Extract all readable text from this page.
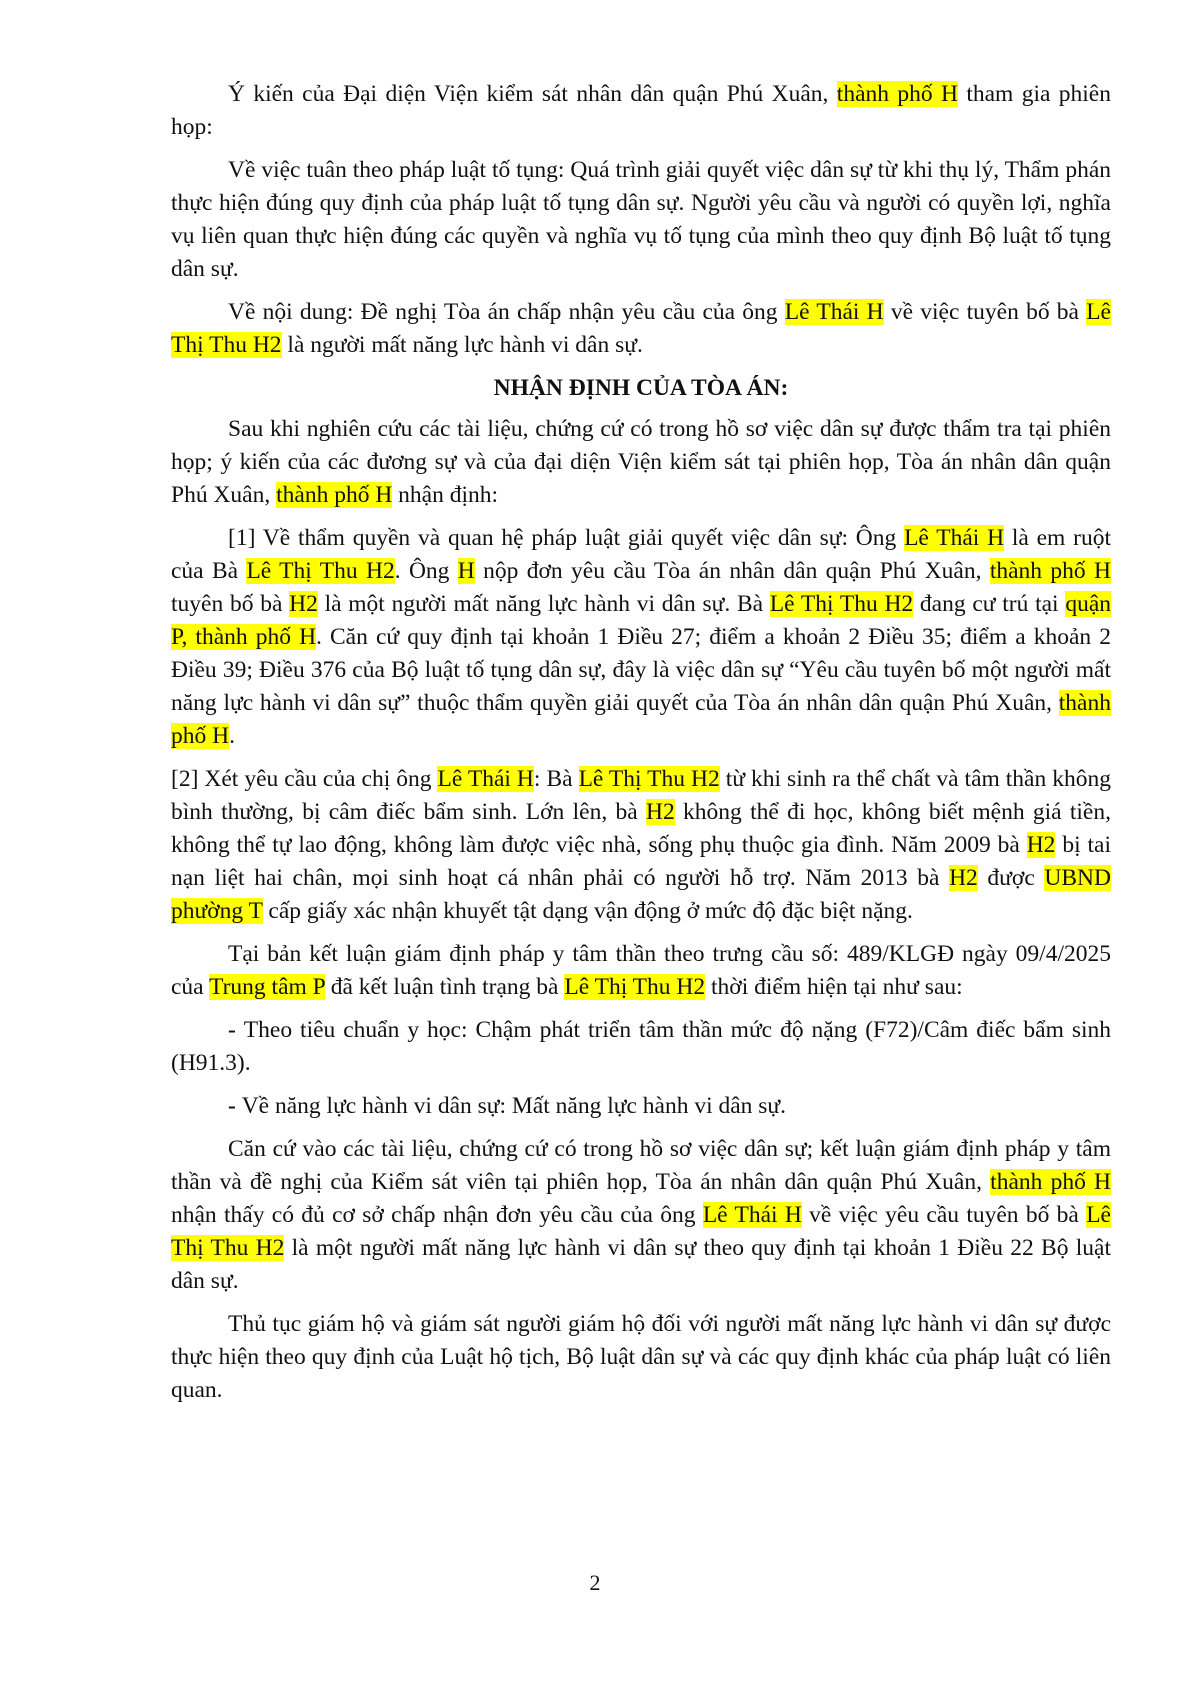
Ý kiến của Đại diện Viện kiểm sát nhân dân quận Phú Xuân, thành phố H tham gia phiên họp:

Về việc tuân theo pháp luật tố tụng: Quá trình giải quyết việc dân sự từ khi thụ lý, Thẩm phán thực hiện đúng quy định của pháp luật tố tụng dân sự. Người yêu cầu và người có quyền lợi, nghĩa vụ liên quan thực hiện đúng các quyền và nghĩa vụ tố tụng của mình theo quy định Bộ luật tố tụng dân sự.

Về nội dung: Đề nghị Tòa án chấp nhận yêu cầu của ông Lê Thái H về việc tuyên bố bà Lê Thị Thu H2 là người mất năng lực hành vi dân sự.

NHẬN ĐỊNH CỦA TÒA ÁN:

Sau khi nghiên cứu các tài liệu, chứng cứ có trong hồ sơ việc dân sự được thẩm tra tại phiên họp; ý kiến của các đương sự và của đại diện Viện kiểm sát tại phiên họp, Tòa án nhân dân quận Phú Xuân, thành phố H nhận định:

[1] Về thẩm quyền và quan hệ pháp luật giải quyết việc dân sự: Ông Lê Thái H là em ruột của Bà Lê Thị Thu H2. Ông H nộp đơn yêu cầu Tòa án nhân dân quận Phú Xuân, thành phố H tuyên bố bà H2 là một người mất năng lực hành vi dân sự. Bà Lê Thị Thu H2 đang cư trú tại quận P, thành phố H. Căn cứ quy định tại khoản 1 Điều 27; điểm a khoản 2 Điều 35; điểm a khoản 2 Điều 39; Điều 376 của Bộ luật tố tụng dân sự, đây là việc dân sự “Yêu cầu tuyên bố một người mất năng lực hành vi dân sự” thuộc thẩm quyền giải quyết của Tòa án nhân dân quận Phú Xuân, thành phố H.

[2] Xét yêu cầu của chị ông Lê Thái H: Bà Lê Thị Thu H2 từ khi sinh ra thể chất và tâm thần không bình thường, bị câm điếc bẩm sinh. Lớn lên, bà H2 không thể đi học, không biết mệnh giá tiền, không thể tự lao động, không làm được việc nhà, sống phụ thuộc gia đình. Năm 2009 bà H2 bị tai nạn liệt hai chân, mọi sinh hoạt cá nhân phải có người hỗ trợ. Năm 2013 bà H2 được UBND phường T cấp giấy xác nhận khuyết tật dạng vận động ở mức độ đặc biệt nặng.

Tại bản kết luận giám định pháp y tâm thần theo trưng cầu số: 489/KLGĐ ngày 09/4/2025 của Trung tâm P đã kết luận tình trạng bà Lê Thị Thu H2 thời điểm hiện tại như sau:

- Theo tiêu chuẩn y học: Chậm phát triển tâm thần mức độ nặng (F72)/Câm điếc bẩm sinh (H91.3).

- Về năng lực hành vi dân sự: Mất năng lực hành vi dân sự.

Căn cứ vào các tài liệu, chứng cứ có trong hồ sơ việc dân sự; kết luận giám định pháp y tâm thần và đề nghị của Kiểm sát viên tại phiên họp, Tòa án nhân dân quận Phú Xuân, thành phố H nhận thấy có đủ cơ sở chấp nhận đơn yêu cầu của ông Lê Thái H về việc yêu cầu tuyên bố bà Lê Thị Thu H2 là một người mất năng lực hành vi dân sự theo quy định tại khoản 1 Điều 22 Bộ luật dân sự.

Thủ tục giám hộ và giám sát người giám hộ đối với người mất năng lực hành vi dân sự được thực hiện theo quy định của Luật hộ tịch, Bộ luật dân sự và các quy định khác của pháp luật có liên quan.

2
